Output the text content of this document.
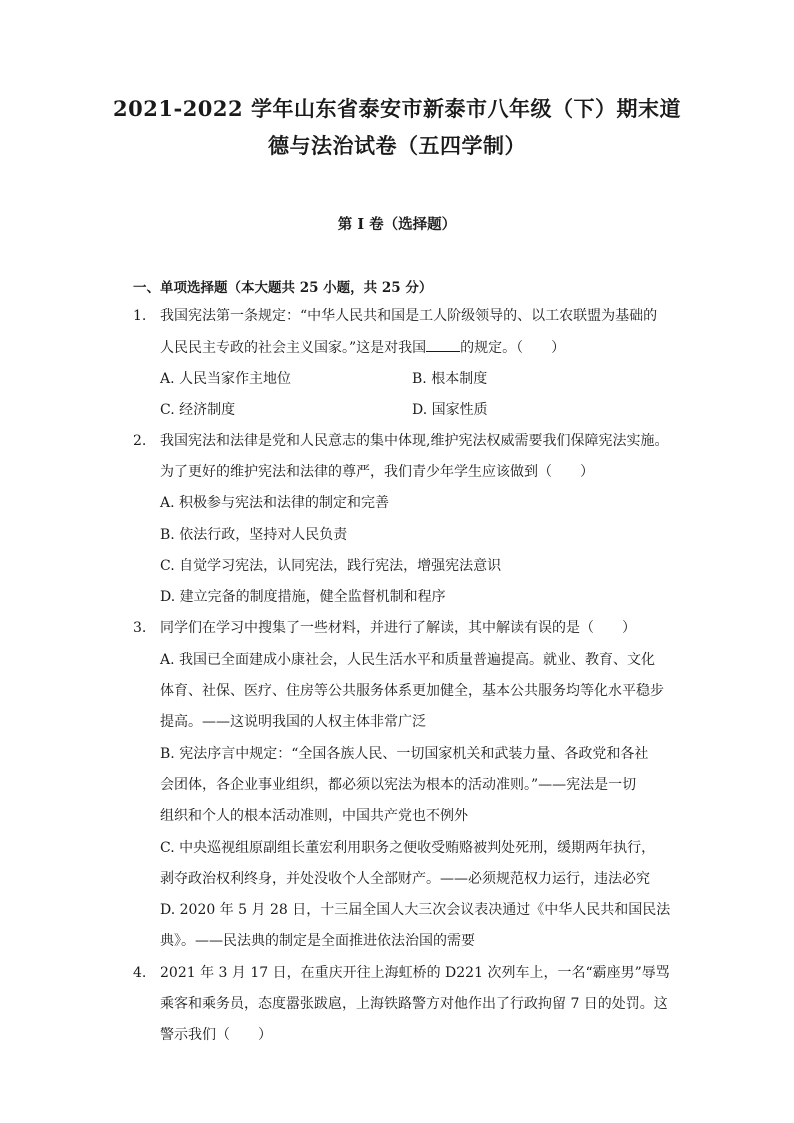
2021-2022 学年山东省泰安市新泰市八年级（下）期末道
德与法治试卷（五四学制）
第 I 卷（选择题）
一、单项选择题（本大题共 25 小题，共 25 分）
1. 我国宪法第一条规定：“中华人民共和国是工人阶级领导的、以工农联盟为基础的
人民民主专政的社会主义国家。”这是对我国 的规定。（　　）
A. 人民当家作主地位	B. 根本制度
C. 经济制度	D. 国家性质
2. 我国宪法和法律是党和人民意志的集中体现,维护宪法权威需要我们保障宪法实施。
为了更好的维护宪法和法律的尊严，我们青少年学生应该做到（　　）
A. 积极参与宪法和法律的制定和完善
B. 依法行政，坚持对人民负责
C. 自觉学习宪法，认同宪法，践行宪法，增强宪法意识
D. 建立完备的制度措施，健全监督机制和程序
3. 同学们在学习中搜集了一些材料，并进行了解读，其中解读有误的是（　　）
A. 我国已全面建成小康社会，人民生活水平和质量普遍提高。就业、教育、文化
体育、社保、医疗、住房等公共服务体系更加健全，基本公共服务均等化水平稳步
提高。——这说明我国的人权主体非常广泛
B. 宪法序言中规定：“全国各族人民、一切国家机关和武装力量、各政党和各社
会团体，各企业事业组织，都必须以宪法为根本的活动准则。”——宪法是一切
组织和个人的根本活动准则，中国共产党也不例外
C. 中央巡视组原副组长董宏利用职务之便收受贿赂被判处死刑，缓期两年执行，
剥夺政治权利终身，并处没收个人全部财产。——必须规范权力运行，违法必究
D. 2020 年 5 月 28 日，十三届全国人大三次会议表决通过《中华人民共和国民法
典》。——民法典的制定是全面推进依法治国的需要
4. 2021 年 3 月 17 日，在重庆开往上海虹桥的 D221 次列车上，一名“霸座男”辱骂
乘客和乘务员，态度嚣张跋扈，上海铁路警方对他作出了行政拘留 7 日的处罚。这
警示我们（　　）
